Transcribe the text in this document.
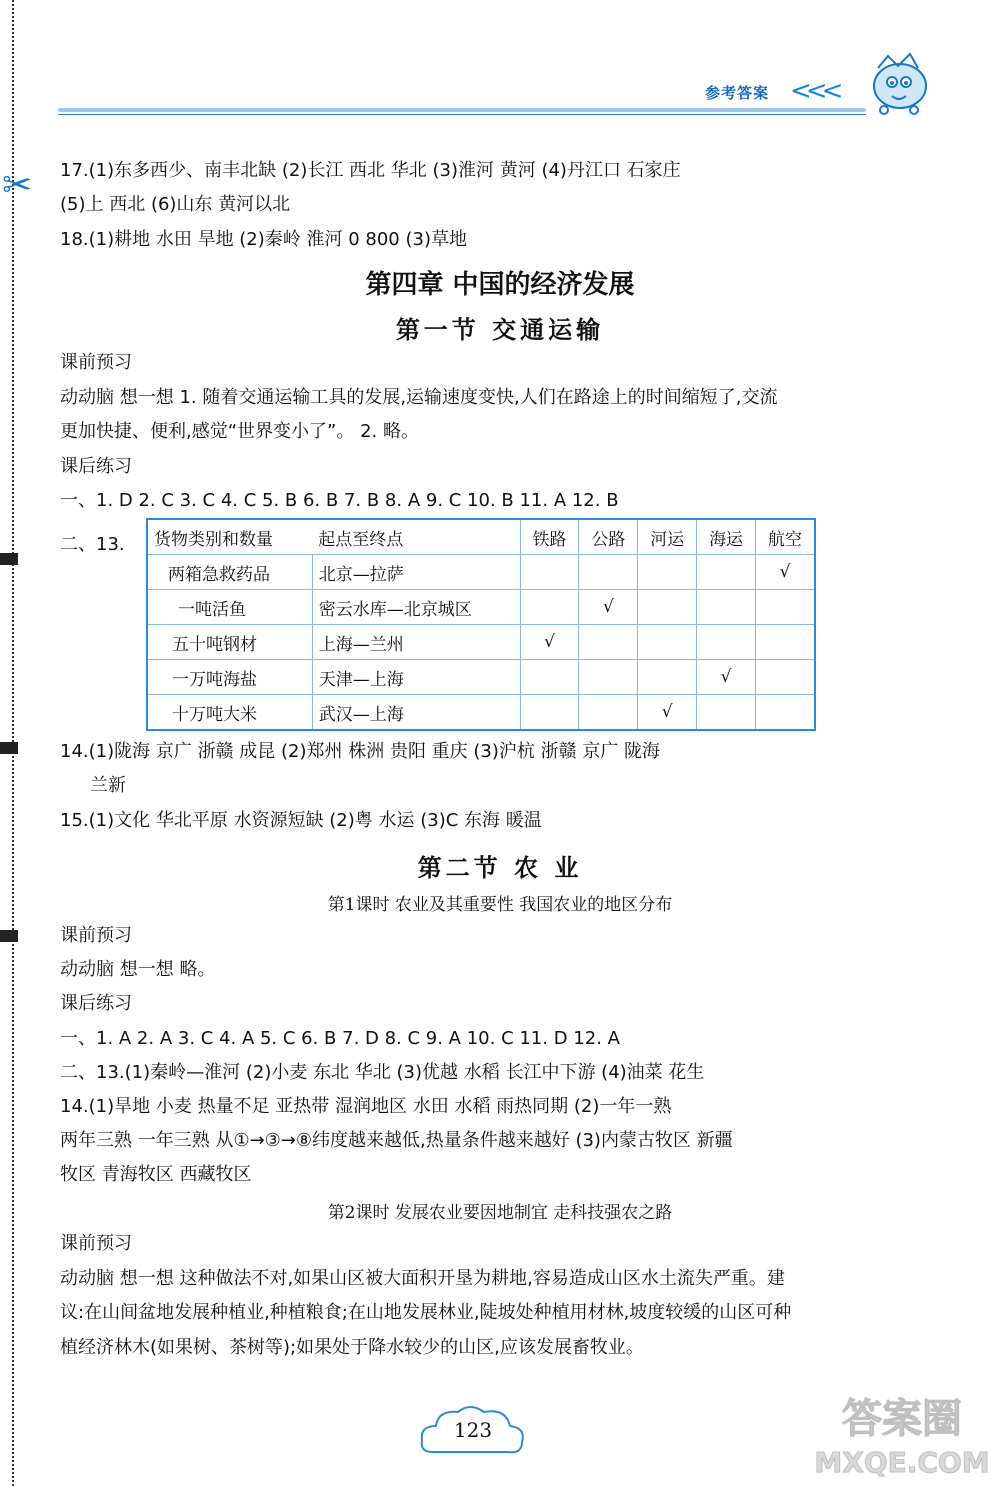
✂
参考答案 <<<
17.(1)东多西少、南丰北缺 (2)长江 西北 华北 (3)淮河 黄河 (4)丹江口 石家庄
(5)上 西北 (6)山东 黄河以北
18.(1)耕地 水田 旱地 (2)秦岭 淮河 0 800 (3)草地
第四章 中国的经济发展
第一节 交通运输
课前预习
动动脑 想一想 1. 随着交通运输工具的发展,运输速度变快,人们在路途上的时间缩短了,交流
更加快捷、便利,感觉“世界变小了”。 2. 略。
课后练习
一、1. D 2. C 3. C 4. C 5. B 6. B 7. B 8. A 9. C 10. B 11. A 12. B
二、13. 货物类别和数量	起点至终点	铁路	公路	河运	海运	航空
两箱急救药品	北京—拉萨					√
一吨活鱼	密云水库—北京城区		√			
五十吨钢材	上海—兰州	√				
一万吨海盐	天津—上海				√	
十万吨大米	武汉—上海			√		
14.(1)陇海 京广 浙赣 成昆 (2)郑州 株洲 贵阳 重庆 (3)沪杭 浙赣 京广 陇海
兰新
15.(1)文化 华北平原 水资源短缺 (2)粤 水运 (3)C 东海 暖温
第二节 农 业
第1课时 农业及其重要性 我国农业的地区分布
课前预习
动动脑 想一想 略。
课后练习
一、1. A 2. A 3. C 4. A 5. C 6. B 7. D 8. C 9. A 10. C 11. D 12. A
二、13.(1)秦岭—淮河 (2)小麦 东北 华北 (3)优越 水稻 长江中下游 (4)油菜 花生
14.(1)旱地 小麦 热量不足 亚热带 湿润地区 水田 水稻 雨热同期 (2)一年一熟
两年三熟 一年三熟 从①→③→⑧纬度越来越低,热量条件越来越好 (3)内蒙古牧区 新疆
牧区 青海牧区 西藏牧区
第2课时 发展农业要因地制宜 走科技强农之路
课前预习
动动脑 想一想 这种做法不对,如果山区被大面积开垦为耕地,容易造成山区水土流失严重。建
议:在山间盆地发展种植业,种植粮食;在山地发展林业,陡坡处种植用材林,坡度较缓的山区可种
植经济林木(如果树、茶树等);如果处于降水较少的山区,应该发展畜牧业。
123	答案圈
MXQE.COM
